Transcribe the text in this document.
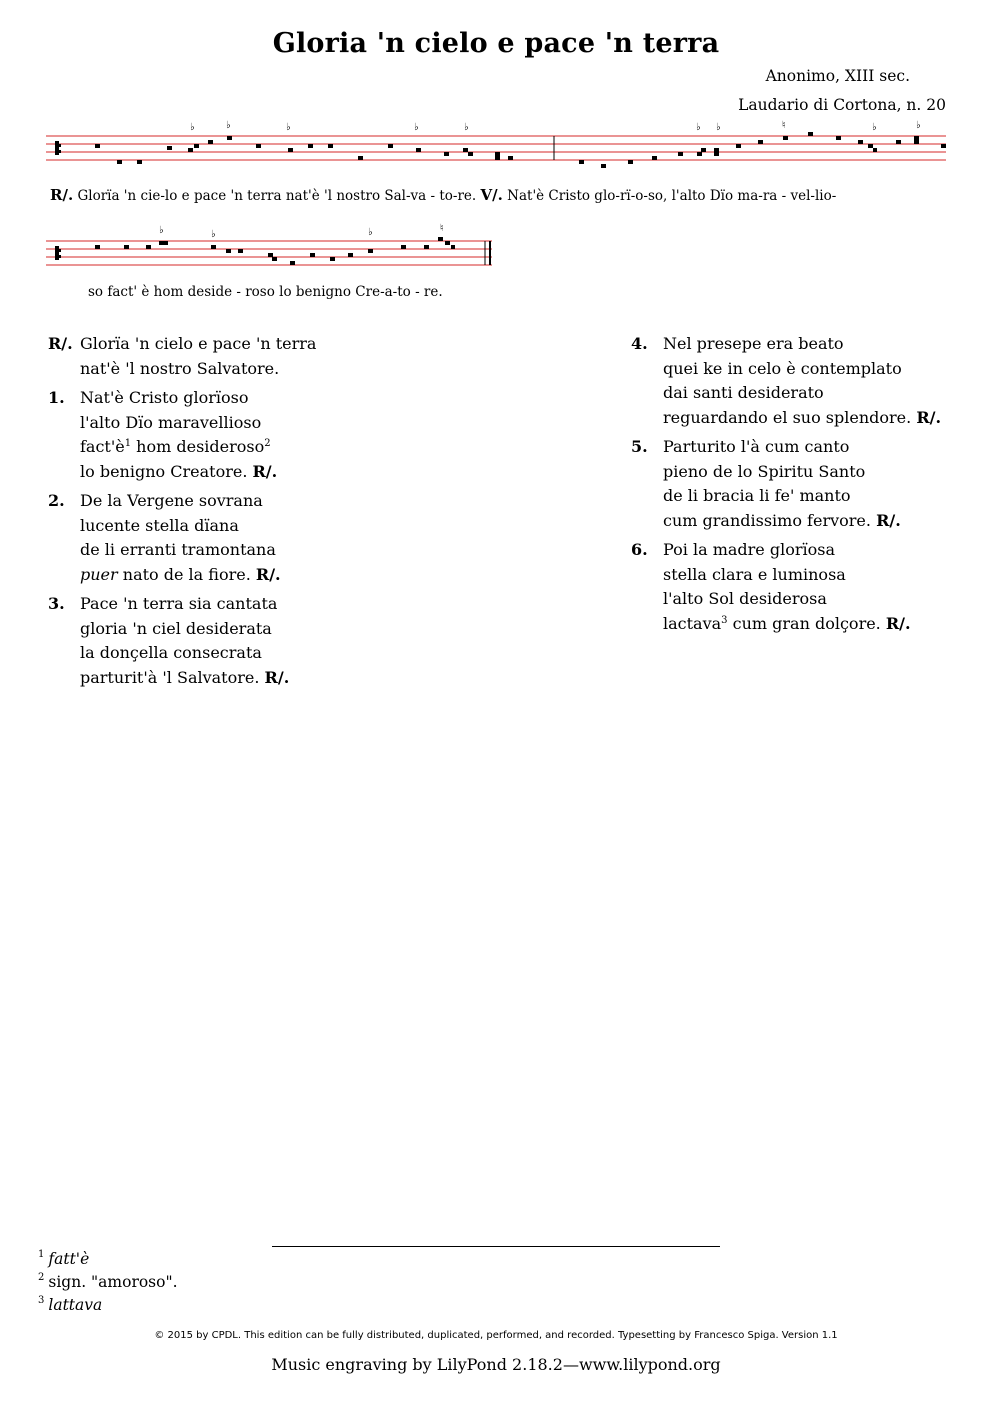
Gloria 'n cielo e pace 'n terra
Anonimo, XIII sec.
Laudario di Cortona, n. 20
♭	♭	♭	♭	♭	♭ ♭	♮	♭	♭
R/. Glorïa 'n cie-lo e pace 'n terra nat'è 'l nostro Sal-va - to-re. V/. Nat'è Cristo glo-rï-o-so, l'alto Dïo ma-ra - vel-lio-
♭	♭	♭	♮
so fact' è hom deside - roso lo benigno Cre-a-to - re.
R/. Glorïa 'n cielo e pace 'n terra
nat'è 'l nostro Salvatore.
1. Nat'è Cristo glorïoso
l'alto Dïo maravellioso
$fact'è^1$ hom desideroso$^2$
lo benigno Creatore. R/.
2. De la Vergene sovrana
lucente stella dïana
de li erranti tramontana
puer nato de la fiore. R/.
3. Pace 'n terra sia cantata
gloria 'n ciel desiderata
la donçella consecrata
parturit'à 'l Salvatore. R/.
4. Nel presepe era beato
quei ke in celo è contemplato
dai santi desiderato
reguardando el suo splendore. R/.
5. Parturito l'à cum canto
pieno de lo Spiritu Santo
de li bracia li fe' manto
cum grandissimo fervore. R/.
6. Poi la madre glorïosa
stella clara e luminosa
l'alto Sol desiderosa
lactava$^3$ cum gran dolçore. R/.
$^1$ fatt'è
$^2$ sign. "amoroso".
$^3$ lattava
© 2015 by CPDL. This edition can be fully distributed, duplicated, performed, and recorded. Typesetting by Francesco Spiga. Version 1.1
Music engraving by LilyPond 2.18.2—www.lilypond.org
